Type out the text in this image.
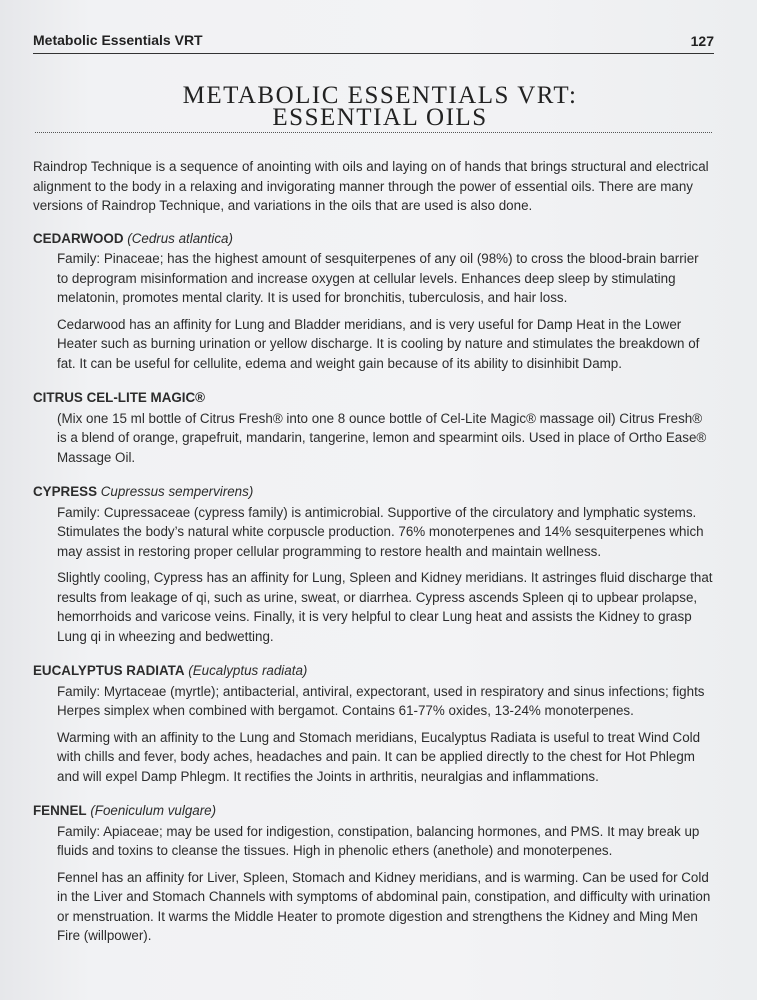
Metabolic Essentials VRT	127
METABOLIC ESSENTIALS VRT:
ESSENTIAL OILS

Raindrop Technique is a sequence of anointing with oils and laying on of hands that brings structural and electrical alignment to the body in a relaxing and invigorating manner through the power of essential oils. There are many versions of Raindrop Technique, and variations in the oils that are used is also done.

CEDARWOOD (Cedrus atlantica)

Family: Pinaceae; has the highest amount of sesquiterpenes of any oil (98%) to cross the blood-brain barrier to deprogram misinformation and increase oxygen at cellular levels. Enhances deep sleep by stimulating melatonin, promotes mental clarity. It is used for bronchitis, tuberculosis, and hair loss.

Cedarwood has an affinity for Lung and Bladder meridians, and is very useful for Damp Heat in the Lower Heater such as burning urination or yellow discharge. It is cooling by nature and stimulates the breakdown of fat. It can be useful for cellulite, edema and weight gain because of its ability to disinhibit Damp.

CITRUS CEL-LITE MAGIC®

(Mix one 15 ml bottle of Citrus Fresh® into one 8 ounce bottle of Cel-Lite Magic® massage oil) Citrus Fresh® is a blend of orange, grapefruit, mandarin, tangerine, lemon and spearmint oils. Used in place of Ortho Ease® Massage Oil.

CYPRESS Cupressus sempervirens)

Family: Cupressaceae (cypress family) is antimicrobial. Supportive of the circulatory and lymphatic systems. Stimulates the body’s natural white corpuscle production. 76% monoterpenes and 14% sesquiterpenes which may assist in restoring proper cellular programming to restore health and maintain wellness.

Slightly cooling, Cypress has an affinity for Lung, Spleen and Kidney meridians. It astringes fluid discharge that results from leakage of qi, such as urine, sweat, or diarrhea. Cypress ascends Spleen qi to upbear prolapse, hemorrhoids and varicose veins. Finally, it is very helpful to clear Lung heat and assists the Kidney to grasp Lung qi in wheezing and bedwetting.

EUCALYPTUS RADIATA (Eucalyptus radiata)

Family: Myrtaceae (myrtle); antibacterial, antiviral, expectorant, used in respiratory and sinus infections; fights Herpes simplex when combined with bergamot. Contains 61-77% oxides, 13-24% monoterpenes.

Warming with an affinity to the Lung and Stomach meridians, Eucalyptus Radiata is useful to treat Wind Cold with chills and fever, body aches, headaches and pain. It can be applied directly to the chest for Hot Phlegm and will expel Damp Phlegm. It rectifies the Joints in arthritis, neuralgias and inflammations.

FENNEL (Foeniculum vulgare)

Family: Apiaceae; may be used for indigestion, constipation, balancing hormones, and PMS. It may break up fluids and toxins to cleanse the tissues. High in phenolic ethers (anethole) and monoterpenes.

Fennel has an affinity for Liver, Spleen, Stomach and Kidney meridians, and is warming. Can be used for Cold in the Liver and Stomach Channels with symptoms of abdominal pain, constipation, and difficulty with urination or menstruation. It warms the Middle Heater to promote digestion and strengthens the Kidney and Ming Men Fire (willpower).
